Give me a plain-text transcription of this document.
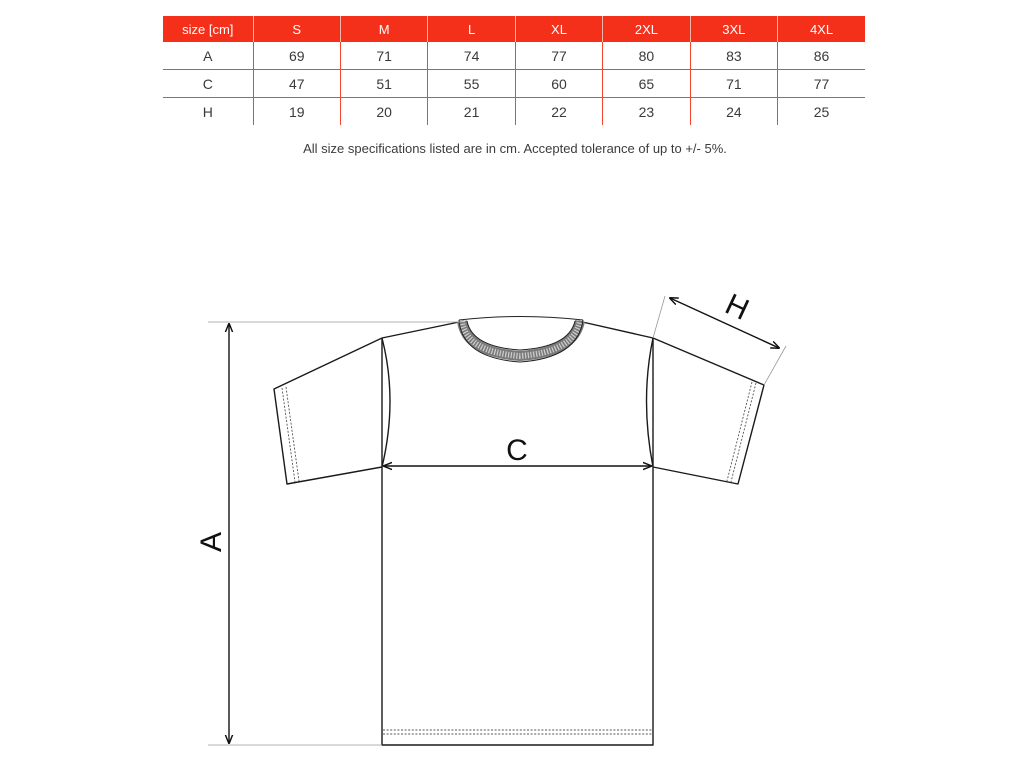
size [cm]	S	M	L	XL	2XL	3XL	4XL
A	69	71	74	77	80	83	86
C	47	51	55	60	65	71	77
H	19	20	21	22	23	24	25
All size specifications listed are in cm. Accepted tolerance of up to +/- 5%.
A
C
H
